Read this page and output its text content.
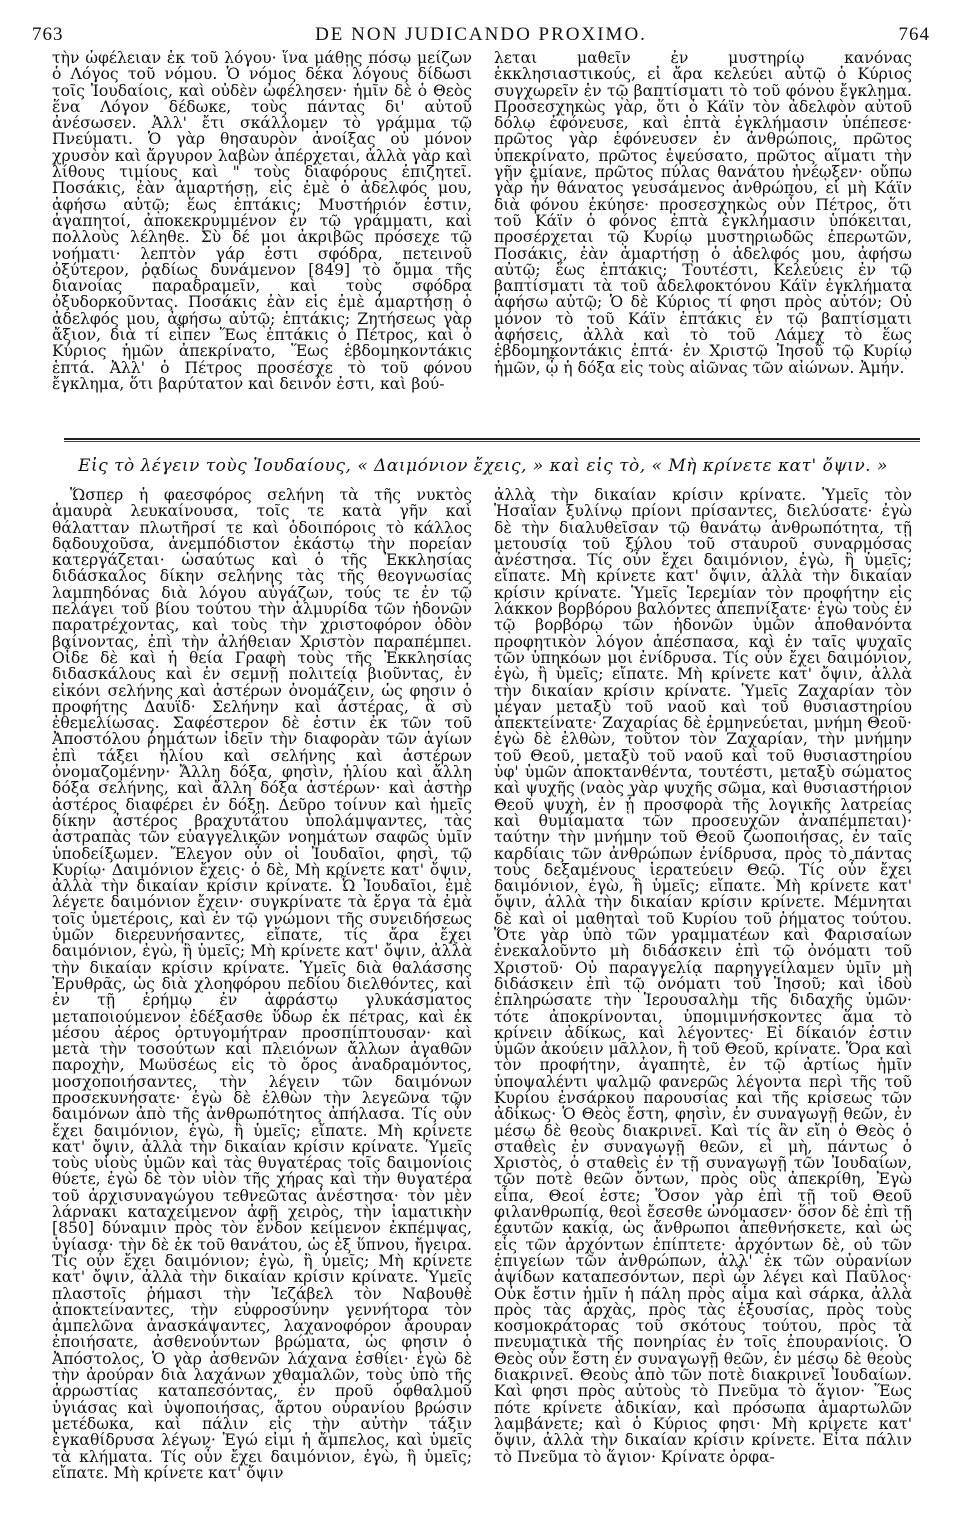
763	DE NON JUDICANDO PROXIMO.	764

τὴν ὠφέλειαν ἐκ τοῦ λόγου· ἵνα μάθῃς πόσῳ μείζων ὁ Λόγος τοῦ νόμου. Ὁ νόμος δέκα λόγους δίδωσι τοῖς Ἰουδαίοις, καὶ οὐδὲν ὠφέλησεν· ἡμῖν δὲ ὁ Θεὸς ἕνα Λόγον δέδωκε, τοὺς πάντας δι' αὐτοῦ ἀνέσωσεν. Ἀλλ' ἔτι σκάλλομεν τὸ γράμμα τῷ Πνεύματι. Ὁ γὰρ θησαυρὸν ἀνοίξας οὐ μόνον χρυσὸν καὶ ἄργυρον λαβὼν ἀπέρχεται, ἀλλὰ γὰρ καὶ λίθους τιμίους καὶ " τοὺς διαφόρους ἐπιζητεῖ. Ποσάκις, ἐὰν ἁμαρτήσῃ, εἰς ἐμὲ ὁ ἀδελφός μου, ἀφήσω αὐτῷ; ἕως ἑπτάκις; Μυστήριόν ἐστιν, ἀγαπητοί, ἀποκεκρυμμένον ἐν τῷ γράμματι, καὶ πολλοὺς λέληθε. Σὺ δέ μοι ἀκριβῶς πρόσεχε τῷ νοήματι· λεπτὸν γάρ ἐστι σφόδρα, πετεινοῦ ὀξύτερον, ῥᾳδίως δυνάμενον [849] τὸ ὄμμα τῆς διανοίας παραδραμεῖν, καὶ τοὺς σφόδρα ὀξυδορκοῦντας. Ποσάκις ἐὰν εἰς ἐμὲ ἁμαρτήσῃ ὁ ἀδελφός μου, ἀφήσω αὐτῷ; ἑπτάκις; Ζητήσεως γὰρ ἄξιον, διὰ τί εἶπεν Ἕως ἑπτάκις ὁ Πέτρος, καὶ ὁ Κύριος ἡμῶν ἀπεκρίνατο, Ἕως ἑβδομηκοντάκις ἑπτά. Ἀλλ' ὁ Πέτρος προσέσχε τὸ τοῦ φόνου ἔγκλημα, ὅτι βαρύτατον καὶ δεινόν ἐστι, καὶ βού-

λεται μαθεῖν ἐν μυστηρίῳ κανόνας ἐκκλησιαστικούς, εἰ ἄρα κελεύει αὐτῷ ὁ Κύριος συγχωρεῖν ἐν τῷ βαπτίσματι τὸ τοῦ φόνου ἔγκλημα. Προσεσχηκὼς γὰρ, ὅτι ὁ Κάϊν τὸν ἀδελφὸν αὐτοῦ δόλῳ ἐφόνευσε, καὶ ἑπτὰ ἐγκλήμασιν ὑπέπεσε· πρῶτος γὰρ ἐφόνευσεν ἐν ἀνθρώποις, πρῶτος ὑπεκρίνατο, πρῶτος ἐψεύσατο, πρῶτος αἵματι τὴν γῆν ἐμίανε, πρῶτος πύλας θανάτου ἠνέῳξεν· οὔπω γὰρ ἦν θάνατος γευσάμενος ἀνθρώπου, εἰ μὴ Κάϊν διὰ φόνου ἐκύησε· προσεσχηκὼς οὖν Πέτρος, ὅτι τοῦ Κάϊν ὁ φόνος ἑπτὰ ἐγκλήμασιν ὑπόκειται, προσέρχεται τῷ Κυρίῳ μυστηριωδῶς ἐπερωτῶν, Ποσάκις, ἐὰν ἁμαρτήσῃ ὁ ἀδελφός μου, ἀφήσω αὐτῷ; ἕως ἑπτάκις; Τουτέστι, Κελεύεις ἐν τῷ βαπτίσματι τὰ τοῦ ἀδελφοκτόνου Κάϊν ἐγκλήματα ἀφήσω αὐτῷ; Ὁ δὲ Κύριος τί φησι πρὸς αὐτόν; Οὐ μόνον τὸ τοῦ Κάϊν ἑπτάκις ἐν τῷ βαπτίσματι ἀφήσεις, ἀλλὰ καὶ τὸ τοῦ Λάμεχ τὸ ἕως ἑβδομηκοντάκις ἑπτά· ἐν Χριστῷ Ἰησοῦ τῷ Κυρίῳ ἡμῶν, ᾧ ἡ δόξα εἰς τοὺς αἰῶνας τῶν αἰώνων. Ἀμήν.

Εἰς τὸ λέγειν τοὺς Ἰουδαίους, « Δαιμόνιον ἔχεις, » καὶ εἰς τὸ, « Μὴ κρίνετε κατ' ὄψιν. »

Ὥσπερ ἡ φαεσφόρος σελήνη τὰ τῆς νυκτὸς ἀμαυρὰ λευκαίνουσα, τοῖς τε κατὰ γῆν καὶ θάλατταν πλωτῆρσί τε καὶ ὁδοιπόροις τὸ κάλλος δᾳδουχοῦσα, ἀνεμπόδιστον ἑκάστῳ τὴν πορείαν κατεργάζεται· ὡσαύτως καὶ ὁ τῆς Ἐκκλησίας διδάσκαλος δίκην σελήνης τὰς τῆς θεογνωσίας λαμπηδόνας διὰ λόγου αὐγάζων, τούς τε ἐν τῷ πελάγει τοῦ βίου τούτου τὴν ἁλμυρίδα τῶν ἡδονῶν παρατρέχοντας, καὶ τοὺς τὴν χριστοφόρον ὁδὸν βαίνοντας, ἐπὶ τὴν ἀλήθειαν Χριστὸν παραπέμπει. Οἶδε δὲ καὶ ἡ θεία Γραφὴ τοὺς τῆς Ἐκκλησίας διδασκάλους καὶ ἐν σεμνῇ πολιτείᾳ βιοῦντας, ἐν εἰκόνι σελήνης καὶ ἀστέρων ὀνομάζειν, ὡς φησιν ὁ προφήτης Δαυΐδ· Σελήνην καὶ ἀστέρας, ἃ σὺ ἐθεμελίωσας. Σαφέστερον δὲ ἐστιν ἐκ τῶν τοῦ Ἀποστόλου ῥημάτων ἰδεῖν τὴν διαφορὰν τῶν ἁγίων ἐπὶ τάξει ἡλίου καὶ σελήνης καὶ ἀστέρων ὀνομαζομένην· Ἄλλη δόξα, φησὶν, ἡλίου καὶ ἄλλη δόξα σελήνης, καὶ ἄλλη δόξα ἀστέρων· καὶ ἀστὴρ ἀστέρος διαφέρει ἐν δόξῃ. Δεῦρο τοίνυν καὶ ἡμεῖς δίκην ἀστέρος βραχυτάτου ὑπολάμψαντες, τὰς ἀστραπὰς τῶν εὐαγγελικῶν νοημάτων σαφῶς ὑμῖν ὑποδείξωμεν. Ἔλεγον οὖν οἱ Ἰουδαῖοι, φησὶ, τῷ Κυρίῳ· Δαιμόνιον ἔχεις· ὁ δὲ, Μὴ κρίνετε κατ' ὄψιν, ἀλλὰ τὴν δικαίαν κρίσιν κρίνατε. Ὦ Ἰουδαῖοι, ἐμὲ λέγετε δαιμόνιον ἔχειν· συγκρίνατε τὰ ἔργα τὰ ἐμὰ τοῖς ὑμετέροις, καὶ ἐν τῷ γνώμονι τῆς συνειδήσεως ὑμῶν διερευνήσαντες, εἴπατε, τίς ἄρα ἔχει δαιμόνιον, ἐγὼ, ἢ ὑμεῖς; Μὴ κρίνετε κατ' ὄψιν, ἀλλὰ τὴν δικαίαν κρίσιν κρίνατε. Ὑμεῖς διὰ θαλάσσης Ἐρυθρᾶς, ὡς διὰ χλοηφόρου πεδίου διελθόντες, καὶ ἐν τῇ ἐρήμῳ ἐν ἀφράστῳ γλυκάσματος μεταποιούμενον ἐδέξασθε ὕδωρ ἐκ πέτρας, καὶ ἐκ μέσου ἀέρος ὀρτυγομήτραν προσπίπτουσαν· καὶ μετὰ τὴν τοσούτων καὶ πλειόνων ἄλλων ἀγαθῶν παροχὴν, Μωϋσέως εἰς τὸ ὄρος ἀναδραμόντος, μοσχοποιήσαντες, τὴν λέγειν τῶν δαιμόνων προσεκυνήσατε· ἐγὼ δὲ ἐλθὼν τὴν λεγεῶνα τῶν δαιμόνων ἀπὸ τῆς ἀνθρωπότητος ἀπήλασα. Τίς οὖν ἔχει δαιμόνιον, ἐγὼ, ἢ ὑμεῖς; εἴπατε. Μὴ κρίνετε κατ' ὄψιν, ἀλλὰ τὴν δικαίαν κρίσιν κρίνατε. Ὑμεῖς τοὺς υἱοὺς ὑμῶν καὶ τὰς θυγατέρας τοῖς δαιμονίοις θύετε, ἐγὼ δὲ τὸν υἱὸν τῆς χήρας καὶ τὴν θυγατέρα τοῦ ἀρχισυναγώγου τεθνεῶτας ἀνέστησα· τὸν μὲν λάρνακι καταχείμενον ἀφῇ χειρὸς, τὴν ἰαματικὴν [850] δύναμιν πρὸς τὸν ἔνδον κείμενον ἐκπέμψας, ὑγίασα· τὴν δὲ ἐκ τοῦ θανάτου, ὡς ἐξ ὕπνου, ἤγειρα. Τίς οὖν ἔχει δαιμόνιον; ἐγὼ, ἢ ὑμεῖς; Μὴ κρίνετε κατ' ὄψιν, ἀλλὰ τὴν δικαίαν κρίσιν κρίνατε. Ὑμεῖς πλαστοῖς ῥήμασι τὴν Ἰεζάβελ τὸν Ναβουθὲ ἀποκτείναντες, τὴν εὐφροσύνην γεννήτορα τὸν ἀμπελῶνα ἀνασκάψαντες, λαχανοφόρον ἄρουραν ἐποιήσατε, ἀσθενούντων βρώματα, ὡς φησιν ὁ Ἀπόστολος, Ὁ γὰρ ἀσθενῶν λάχανα ἐσθίει· ἐγὼ δὲ τὴν ἀρούραν διὰ λαχάνων χθαμαλῶν, τοὺς ὑπὸ τῆς ἀρρωστίας καταπεσόντας, ἐν προῦ ὀφθαλμοῦ ὑγιάσας καὶ ὑψοποιήσας, ἄρτου οὐρανίου βρώσιν μετέδωκα, καὶ πάλιν εἰς τὴν αὐτὴν τάξιν ἐγκαθίδρυσα λέγων· Ἐγώ εἰμι ἡ ἄμπελος, καὶ ὑμεῖς τὰ κλήματα. Τίς οὖν ἔχει δαιμόνιον, ἐγὼ, ἢ ὑμεῖς; εἴπατε. Μὴ κρίνετε κατ' ὄψιν

ἀλλὰ τὴν δικαίαν κρίσιν κρίνατε. Ὑμεῖς τὸν Ἡσαΐαν ξυλίνῳ πρίονι πρίσαντες, διελύσατε· ἐγὼ δὲ τὴν διαλυθεῖσαν τῷ θανάτῳ ἀνθρωπότητα, τῇ μετουσίᾳ τοῦ ξύλου τοῦ σταυροῦ συναρμόσας ἀνέστησα. Τίς οὖν ἔχει δαιμόνιον, ἐγὼ, ἢ ὑμεῖς; εἴπατε. Μὴ κρίνετε κατ' ὄψιν, ἀλλὰ τὴν δικαίαν κρίσιν κρίνατε. Ὑμεῖς Ἱερεμίαν τὸν προφήτην εἰς λάκκον βορβόρου βαλόντες ἀπεπνίξατε· ἐγὼ τοὺς ἐν τῷ βορβόρῳ τῶν ἡδονῶν ὑμῶν ἀποθανόντα προφητικὸν λόγον ἀπέσπασα, καὶ ἐν ταῖς ψυχαῖς τῶν ὑπηκόων μοι ἐνίδρυσα. Τίς οὖν ἔχει δαιμόνιον, ἐγὼ, ἢ ὑμεῖς; εἴπατε. Μὴ κρίνετε κατ' ὄψιν, ἀλλὰ τὴν δικαίαν κρίσιν κρίνατε. Ὑμεῖς Ζαχαρίαν τὸν μέγαν μεταξὺ τοῦ ναοῦ καὶ τοῦ θυσιαστηρίου ἀπεκτείνατε· Ζαχαρίας δὲ ἑρμηνεύεται, μνήμη Θεοῦ· ἐγὼ δὲ ἐλθὼν, τοῦτον τὸν Ζαχαρίαν, τὴν μνήμην τοῦ Θεοῦ, μεταξὺ τοῦ ναοῦ καὶ τοῦ θυσιαστηρίου ὑφ' ὑμῶν ἀποκτανθέντα, τουτέστι, μεταξὺ σώματος καὶ ψυχῆς (ναὸς γὰρ ψυχῆς σῶμα, καὶ θυσιαστήριον Θεοῦ ψυχὴ, ἐν ᾗ προσφορὰ τῆς λογικῆς λατρείας καὶ θυμίαματα τῶν προσευχῶν ἀναπέμπεται)· ταύτην τὴν μνήμην τοῦ Θεοῦ ζωοποιήσας, ἐν ταῖς καρδίαις τῶν ἀνθρώπων ἐνίδρυσα, πρὸς τὸ πάντας τοὺς δεξαμένους ἱερατεύειν Θεῷ. Τίς οὖν ἔχει δαιμόνιον, ἐγὼ, ἢ ὑμεῖς; εἴπατε. Μὴ κρίνετε κατ' ὄψιν, ἀλλὰ τὴν δικαίαν κρίσιν κρίνετε. Μέμνηται δὲ καὶ οἱ μαθηταὶ τοῦ Κυρίου τοῦ ῥήματος τούτου. Ὅτε γὰρ ὑπὸ τῶν γραμματέων καὶ Φαρισαίων ἐνεκαλοῦντο μὴ διδάσκειν ἐπὶ τῷ ὀνόματι τοῦ Χριστοῦ· Οὐ παραγγελίᾳ παρηγγείλαμεν ὑμῖν μὴ διδάσκειν ἐπὶ τῷ ὀνόματι τοῦ Ἰησοῦ; καὶ ἰδοὺ ἐπληρώσατε τὴν Ἱερουσαλὴμ τῆς διδαχῆς ὑμῶν· τότε ἀποκρίνονται, ὑπομιμνήσκοντες ἅμα τὸ κρίνειν ἀδίκως, καὶ λέγοντες· Εἰ δίκαιόν ἐστιν ὑμῶν ἀκούειν μᾶλλον, ἢ τοῦ Θεοῦ, κρίνατε. Ὅρα καὶ τὸν προφήτην, ἀγαπητὲ, ἐν τῷ ἀρτίως ἡμῖν ὑποψαλέντι ψαλμῷ φανερῶς λέγοντα περὶ τῆς τοῦ Κυρίου ἐνσάρκου παρουσίας καὶ τῆς κρίσεως τῶν ἀδίκως· Ὁ Θεὸς ἔστη, φησὶν, ἐν συναγωγῇ θεῶν, ἐν μέσῳ δὲ θεοὺς διακρινεῖ. Καὶ τίς ἂν εἴη ὁ Θεὸς ὁ σταθεὶς ἐν συναγωγῇ θεῶν, εἰ μὴ, πάντως ὁ Χριστὸς, ὁ σταθεὶς ἐν τῇ συναγωγῇ τῶν Ἰουδαίων, τῶν ποτὲ θεῶν ὄντων, πρὸς οὓς ἀπεκρίθη, Ἐγὼ εἶπα, Θεοί ἐστε; Ὅσον γὰρ ἐπὶ τῇ τοῦ Θεοῦ φιλανθρωπίᾳ, θεοὶ ἔσεσθε ὠνόμασεν· ὅσον δὲ ἐπὶ τῇ ἑαυτῶν κακίᾳ, ὡς ἄνθρωποι ἀπεθνήσκετε, καὶ ὡς εἷς τῶν ἀρχόντων ἐπίπτετε· ἀρχόντων δὲ, οὐ τῶν ἐπιγείων τῶν ἀνθρώπων, ἀλλ' ἐκ τῶν οὐρανίων ἀψίδων καταπεσόντων, περὶ ὧν λέγει καὶ Παῦλος· Οὐκ ἔστιν ἡμῖν ἡ πάλη πρὸς αἷμα καὶ σάρκα, ἀλλὰ πρὸς τὰς ἀρχὰς, πρὸς τὰς ἐξουσίας, πρὸς τοὺς κοσμοκράτορας τοῦ σκότους τούτου, πρὸς τὰ πνευματικὰ τῆς πονηρίας ἐν τοῖς ἐπουρανίοις. Ὁ Θεὸς οὖν ἔστη ἐν συναγωγῇ θεῶν, ἐν μέσῳ δὲ θεοὺς διακρινεῖ. Θεοὺς ἀπὸ τῶν ποτὲ διακρινεῖ Ἰουδαίων. Καὶ φησι πρὸς αὐτοὺς τὸ Πνεῦμα τὸ ἅγιον· Ἕως πότε κρίνετε ἀδικίαν, καὶ πρόσωπα ἁμαρτωλῶν λαμβάνετε; καὶ ὁ Κύριος φησι· Μὴ κρίνετε κατ' ὄψιν, ἀλλὰ τὴν δικαίαν κρίσιν κρίνετε. Εἶτα πάλιν τὸ Πνεῦμα τὸ ἅγιον· Κρίνατε ὀρφα-
